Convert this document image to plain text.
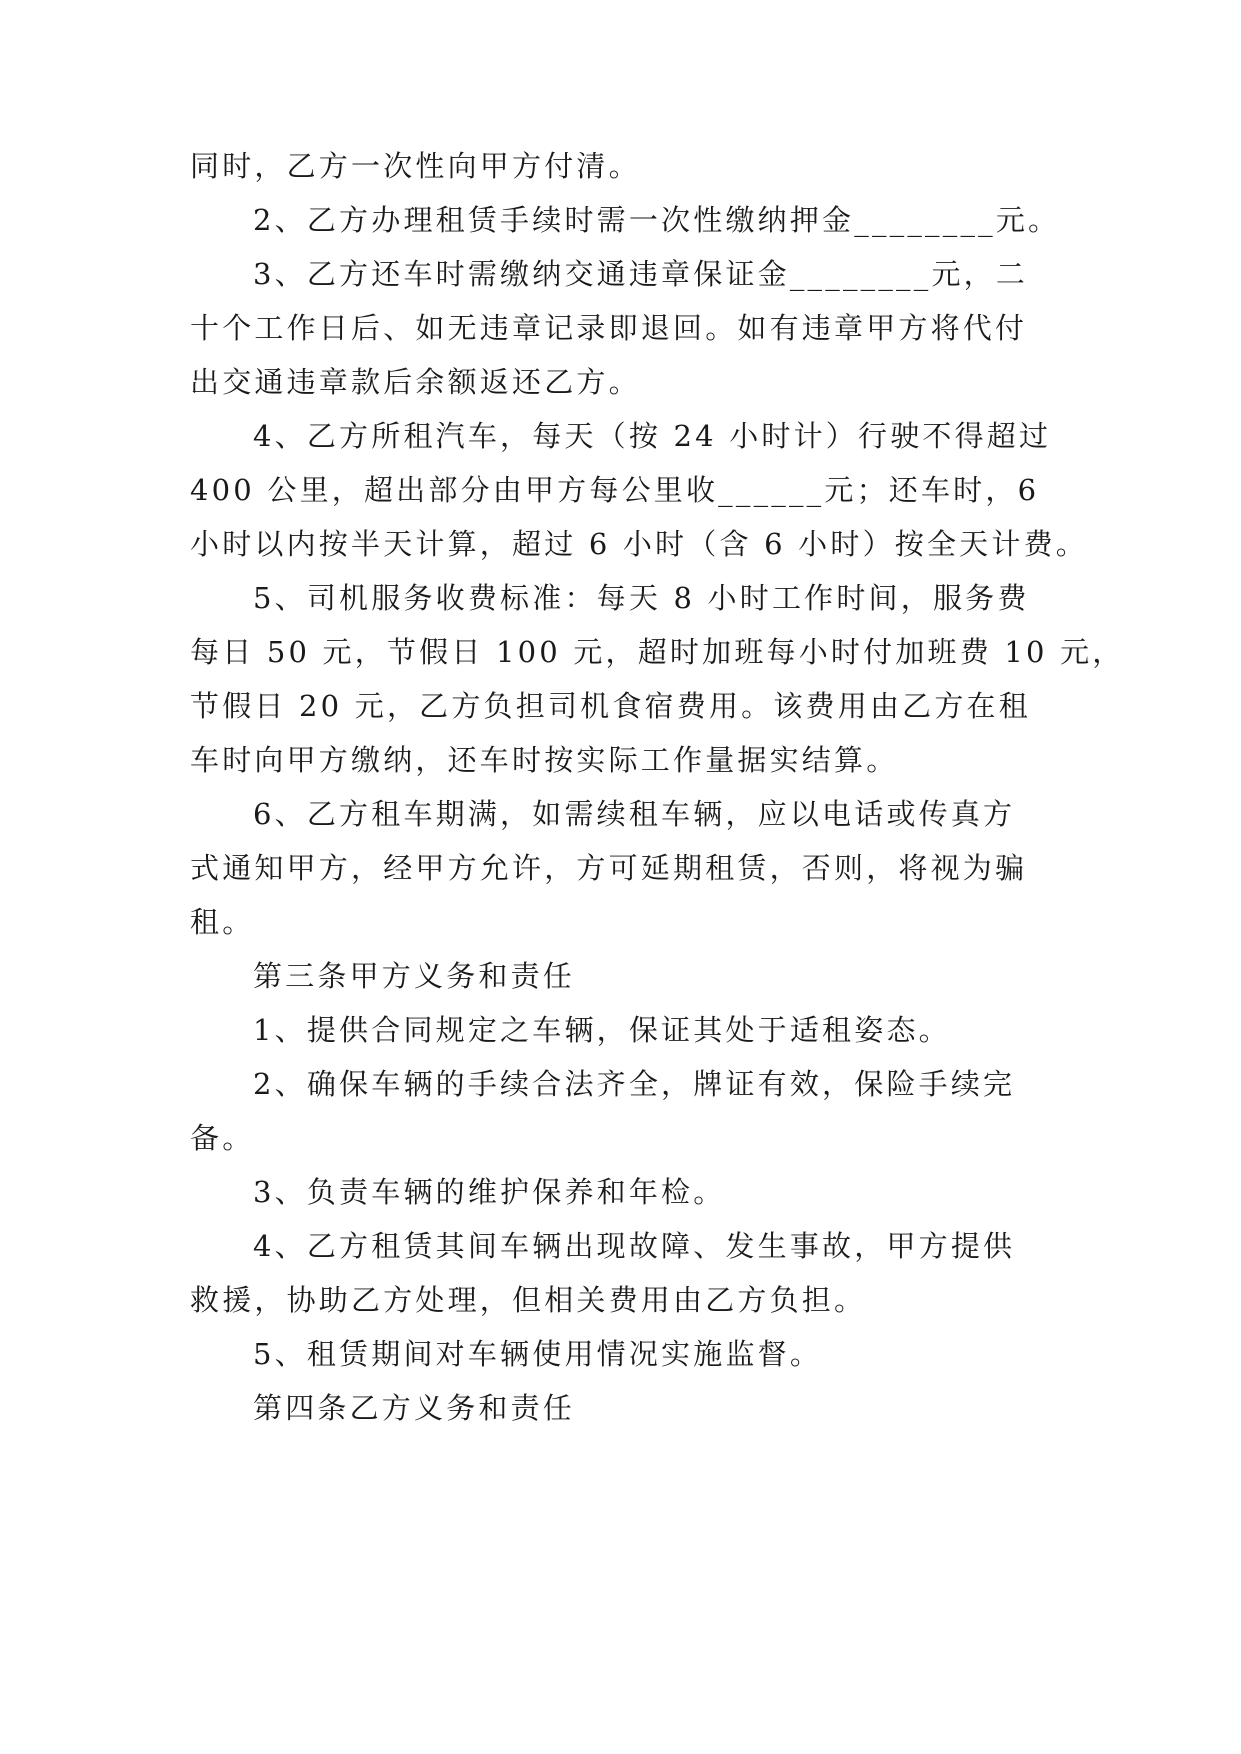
同时，乙方一次性向甲方付清。
2、乙方办理租赁手续时需一次性缴纳押金________元。
3、乙方还车时需缴纳交通违章保证金________元，二
十个工作日后、如无违章记录即退回。如有违章甲方将代付
出交通违章款后余额返还乙方。
4、乙方所租汽车，每天（按 24 小时计）行驶不得超过
400 公里，超出部分由甲方每公里收______元；还车时，6
小时以内按半天计算，超过 6 小时（含 6 小时）按全天计费。
5、司机服务收费标准：每天 8 小时工作时间，服务费
每日 50 元，节假日 100 元，超时加班每小时付加班费 10 元，
节假日 20 元，乙方负担司机食宿费用。该费用由乙方在租
车时向甲方缴纳，还车时按实际工作量据实结算。
6、乙方租车期满，如需续租车辆，应以电话或传真方
式通知甲方，经甲方允许，方可延期租赁，否则，将视为骗
租。
第三条甲方义务和责任
1、提供合同规定之车辆，保证其处于适租姿态。
2、确保车辆的手续合法齐全，牌证有效，保险手续完
备。
3、负责车辆的维护保养和年检。
4、乙方租赁其间车辆出现故障、发生事故，甲方提供
救援，协助乙方处理，但相关费用由乙方负担。
5、租赁期间对车辆使用情况实施监督。
第四条乙方义务和责任
